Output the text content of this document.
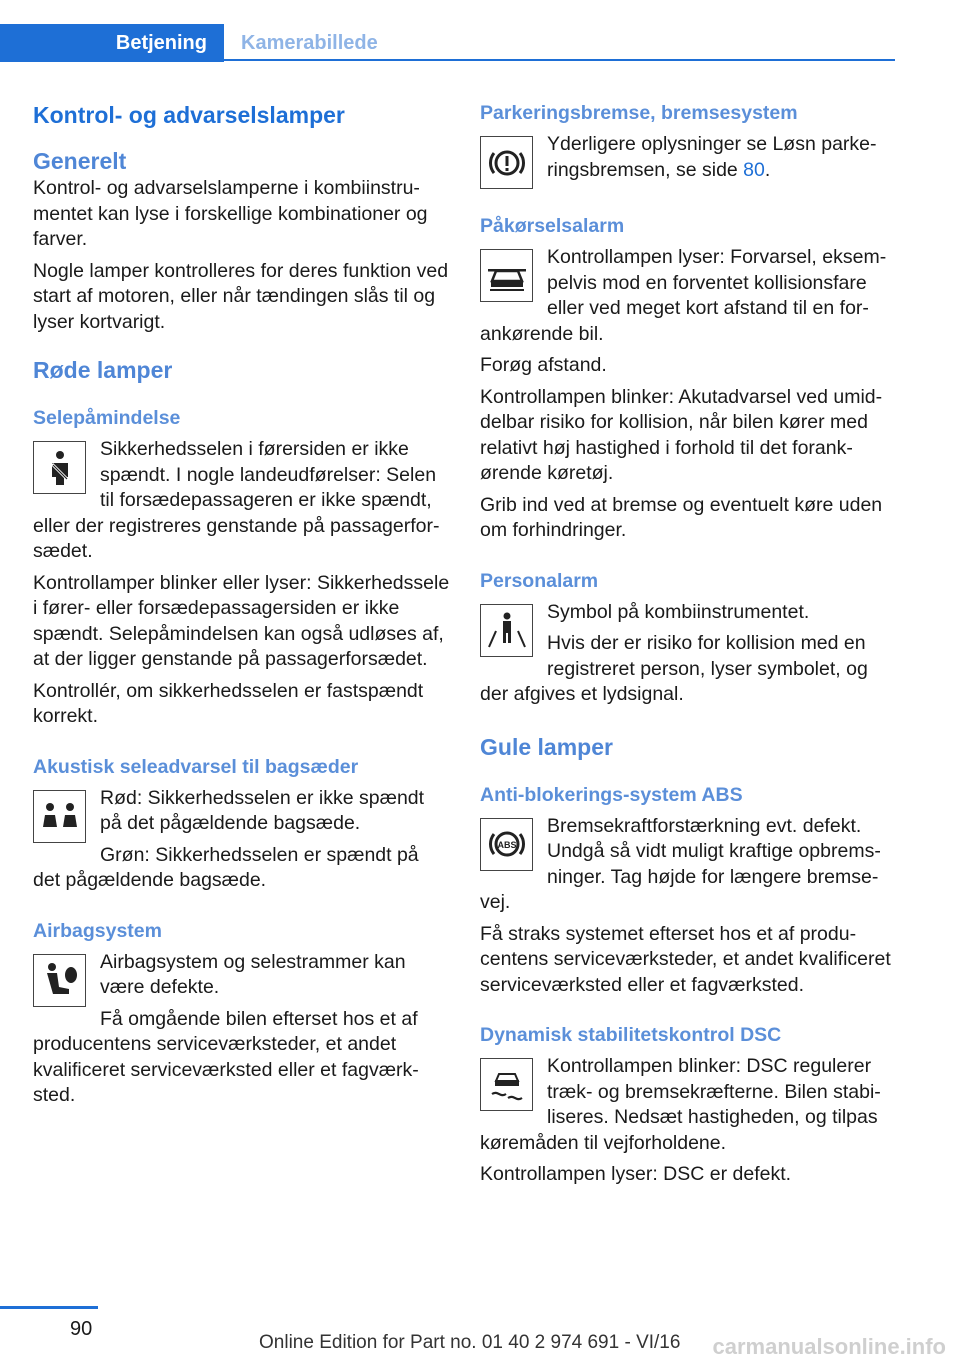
Betjening Kamerabillede
Kontrol- og advarselslamper
Generelt

Kontrol- og advarselslamperne i kombiinstrumentet kan lyse i forskellige kombinationer og farver.

Nogle lamper kontrolleres for deres funktion ved start af motoren, eller når tændingen slås til og lyser kortvarigt.

Røde lamper
Selepåmindelse

Sikkerhedsselen i førersiden er ikke spændt. I nogle landeudførelser: Selen til forsædepassageren er ikke spændt, eller der registreres genstande på passagerforsædet.

Kontrollamper blinker eller lyser: Sikkerhedssele i fører- eller forsædepassagersiden er ikke spændt. Selepåmindelsen kan også udløses af, at der ligger genstande på passagerforsædet.

Kontrollér, om sikkerhedsselen er fastspændt korrekt.

Akustisk seleadvarsel til bagsæder

Rød: Sikkerhedsselen er ikke spændt på det pågældende bagsæde.

Grøn: Sikkerhedsselen er spændt på det pågældende bagsæde.

Airbagsystem

Airbagsystem og selestrammer kan være defekte.

Få omgående bilen efterset hos et af producentens serviceværksteder, et andet kvalificeret serviceværksted eller et fagværksted.

Parkeringsbremse, bremsesystem

Yderligere oplysninger se Løsn parkeringsbremsen, se side 80.

Påkørselsalarm

Kontrollampen lyser: Forvarsel, eksempelvis mod en forventet kollisionsfare eller ved meget kort afstand til en forankørende bil.

Forøg afstand.

Kontrollampen blinker: Akutadvarsel ved umiddelbar risiko for kollision, når bilen kører med relativt høj hastighed i forhold til det forankørende køretøj.

Grib ind ved at bremse og eventuelt køre uden om forhindringer.

Personalarm

Symbol på kombiinstrumentet.

Hvis der er risiko for kollision med en registreret person, lyser symbolet, og der afgives et lydsignal.

Gule lamper
Anti-blokerings-system ABS
ABS

Bremsekraftforstærkning evt. defekt. Undgå så vidt muligt kraftige opbremsninger. Tag højde for længere bremsevej.

Få straks systemet efterset hos et af producentens serviceværksteder, et andet kvalificeret serviceværksted eller et fagværksted.

Dynamisk stabilitetskontrol DSC

Kontrollampen blinker: DSC regulerer træk- og bremsekræfterne. Bilen stabiliseres. Nedsæt hastigheden, og tilpas køremåden til vejforholdene.

Kontrollampen lyser: DSC er defekt.

90
Online Edition for Part no. 01 40 2 974 691 - VI/16 carmanualsonline.info
